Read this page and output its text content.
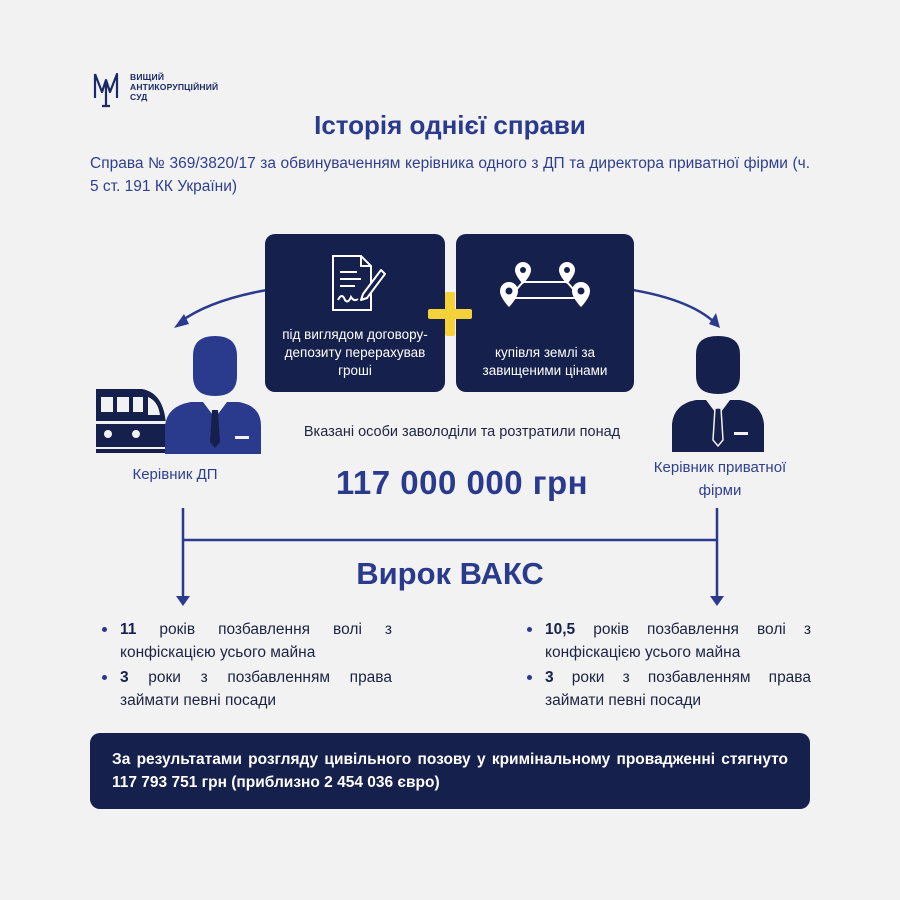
ВИЩИЙ
АНТИКОРУПЦІЙНИЙ
СУД
Історія однієї справи
Справа № 369/3820/17 за обвинуваченням керівника одного з ДП та директора приватної фірми (ч. 5 ст. 191 КК України)
під виглядом договору-депозиту перерахував гроші
купівля землі за завищеними цінами
Керівник ДП	Керівник приватної
фірми
Вказані особи заволоділи та розтратили понад
117 000 000 грн
Вирок ВАКС
11 років позбавлення волі з конфіскацією усього майна
3 роки з позбавленням права займати певні посади
10,5 років позбавлення волі з конфіскацією усього майна
3 роки з позбавленням права займати певні посади
За результатами розгляду цивільного позову у кримінальному провадженні стягнуто 117 793 751 грн (приблизно 2 454 036 євро)
